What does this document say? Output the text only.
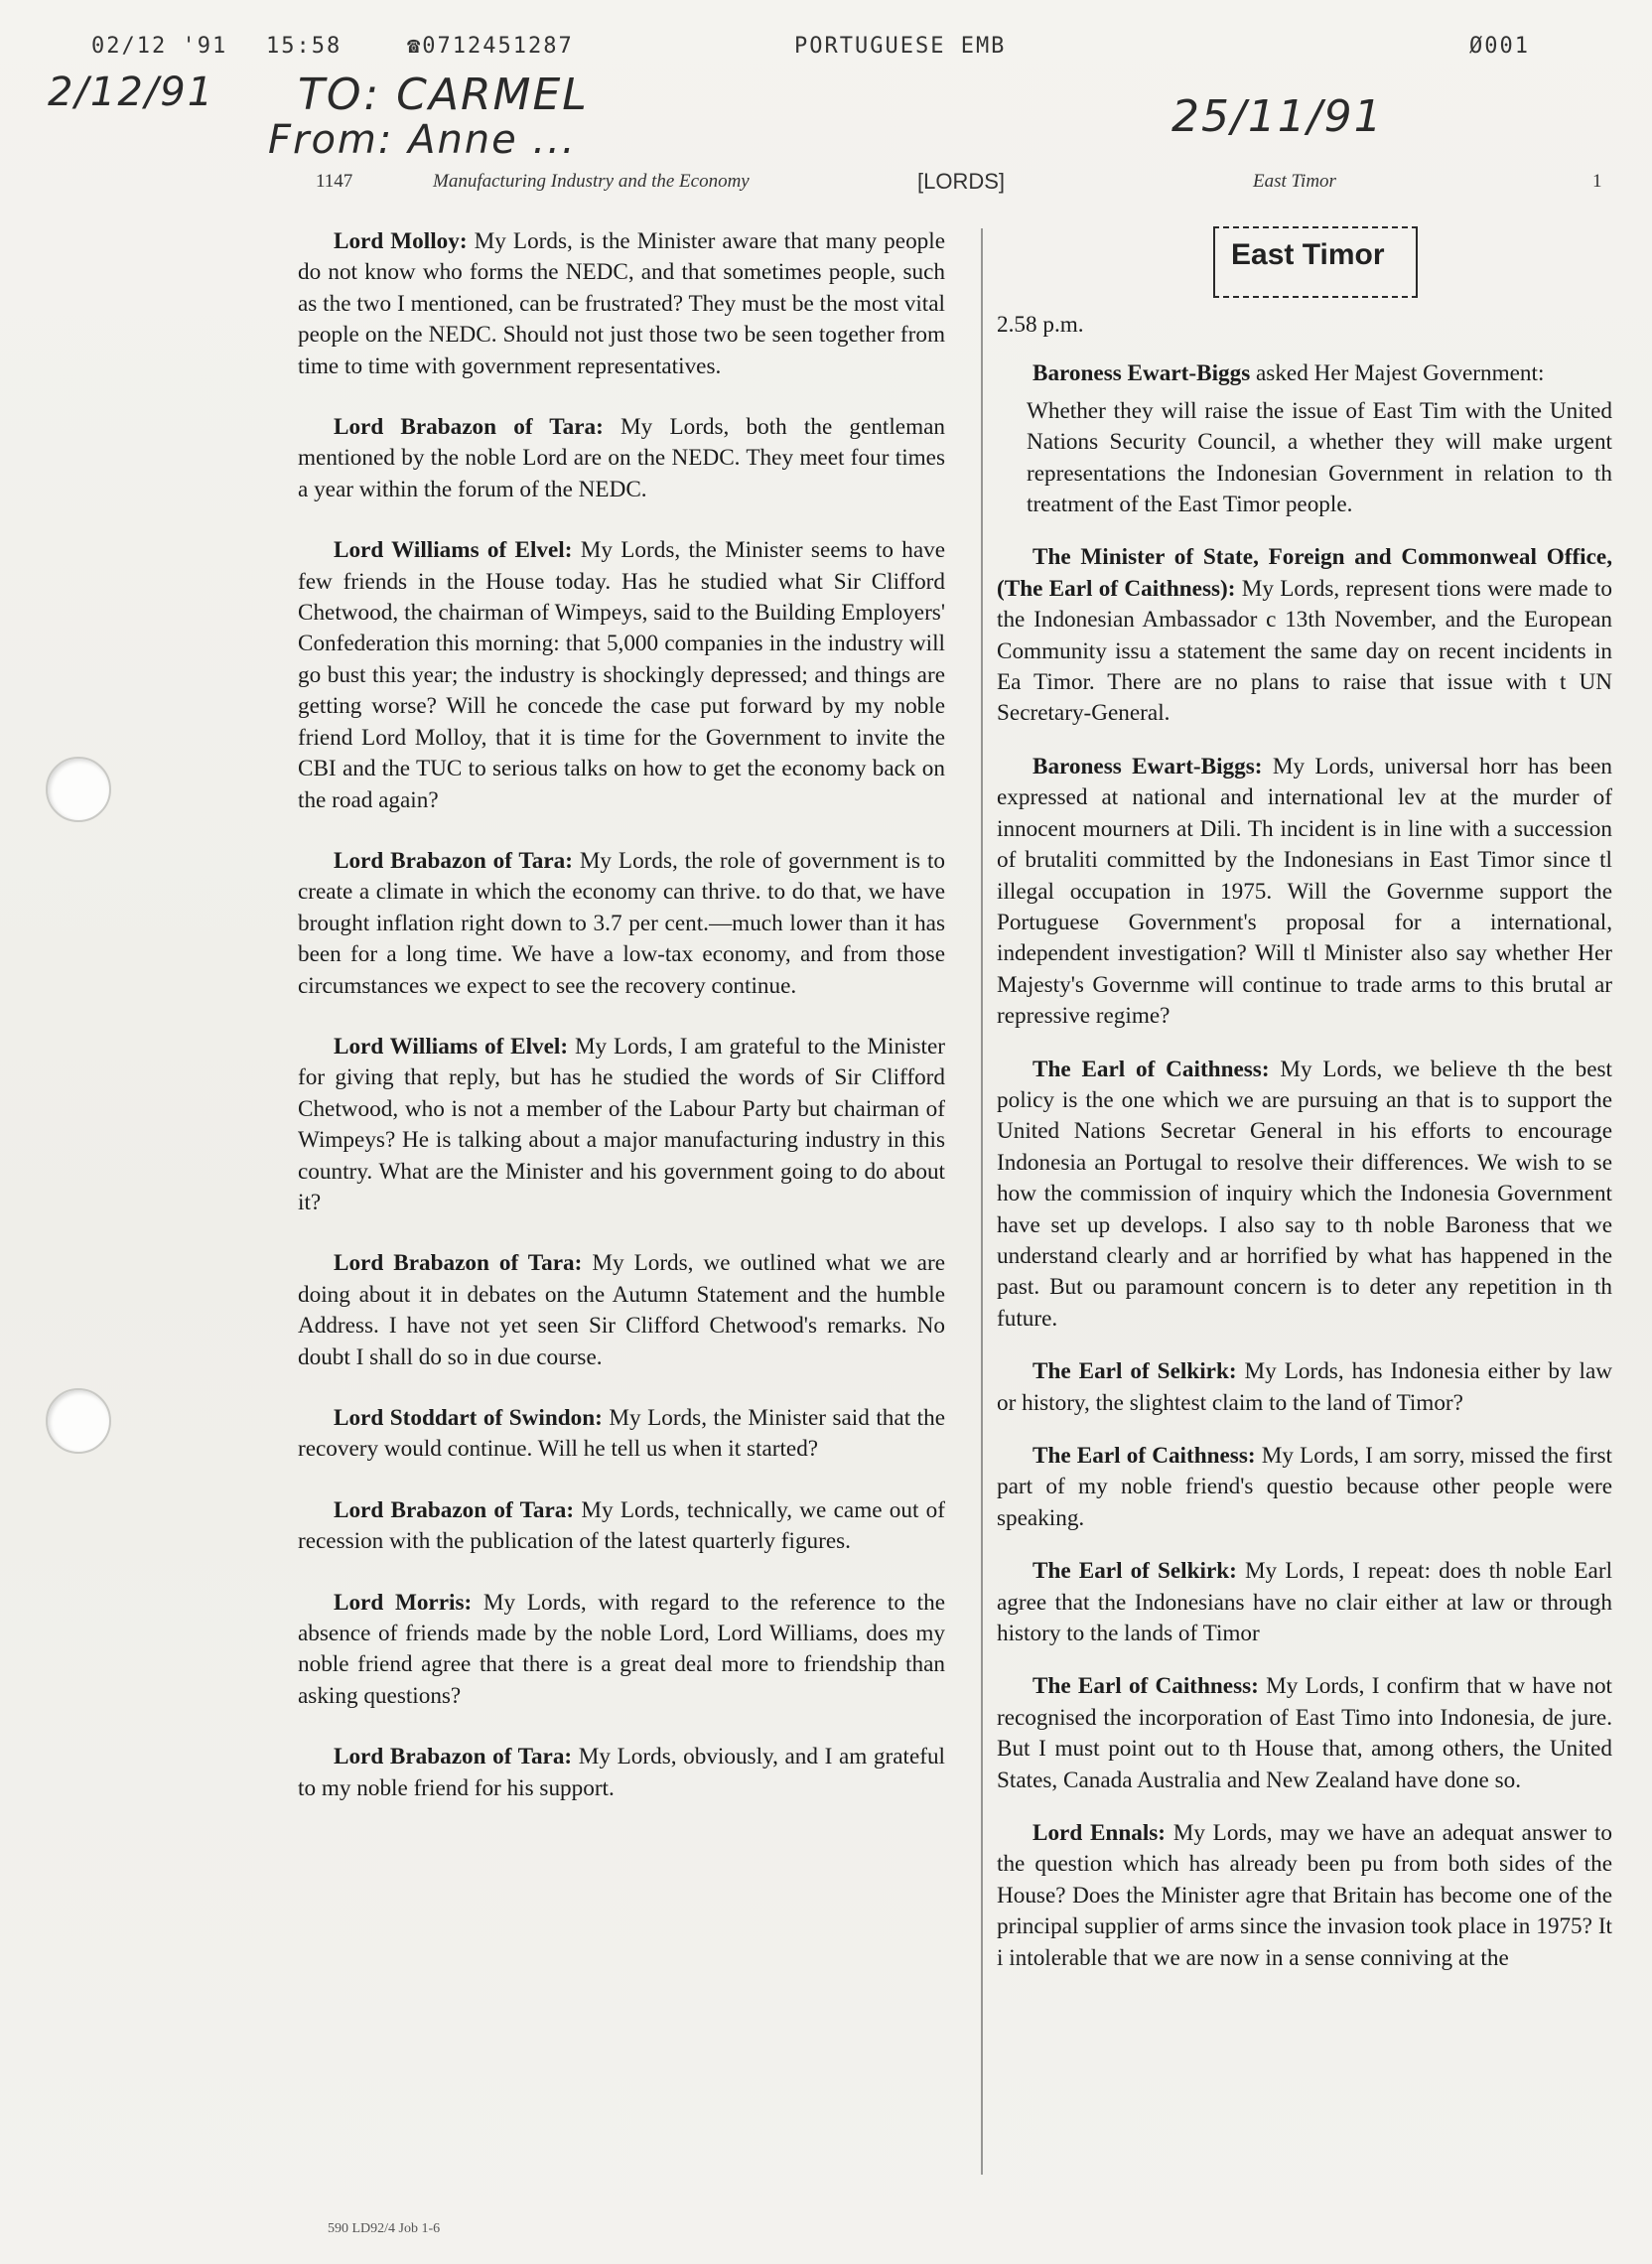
02/12 '91 15:58	☎0712451287	PORTUGUESE EMB	Ø001
2/12/91 TO: CARMEL
From: Anne ...	25/11/91
1147	Manufacturing Industry and the Economy	[LORDS]	East Timor	1

Lord Molloy: My Lords, is the Minister aware that many people do not know who forms the NEDC, and that sometimes people, such as the two I mentioned, can be frustrated? They must be the most vital people on the NEDC. Should not just those two be seen together from time to time with government representatives.

Lord Brabazon of Tara: My Lords, both the gentleman mentioned by the noble Lord are on the NEDC. They meet four times a year within the forum of the NEDC.

Lord Williams of Elvel: My Lords, the Minister seems to have few friends in the House today. Has he studied what Sir Clifford Chetwood, the chairman of Wimpeys, said to the Building Employers' Confederation this morning: that 5,000 companies in the industry will go bust this year; the industry is shockingly depressed; and things are getting worse? Will he concede the case put forward by my noble friend Lord Molloy, that it is time for the Government to invite the CBI and the TUC to serious talks on how to get the economy back on the road again?

Lord Brabazon of Tara: My Lords, the role of government is to create a climate in which the economy can thrive. to do that, we have brought inflation right down to 3.7 per cent.—much lower than it has been for a long time. We have a low-tax economy, and from those circumstances we expect to see the recovery continue.

Lord Williams of Elvel: My Lords, I am grateful to the Minister for giving that reply, but has he studied the words of Sir Clifford Chetwood, who is not a member of the Labour Party but chairman of Wimpeys? He is talking about a major manufacturing industry in this country. What are the Minister and his government going to do about it?

Lord Brabazon of Tara: My Lords, we outlined what we are doing about it in debates on the Autumn Statement and the humble Address. I have not yet seen Sir Clifford Chetwood's remarks. No doubt I shall do so in due course.

Lord Stoddart of Swindon: My Lords, the Minister said that the recovery would continue. Will he tell us when it started?

Lord Brabazon of Tara: My Lords, technically, we came out of recession with the publication of the latest quarterly figures.

Lord Morris: My Lords, with regard to the reference to the absence of friends made by the noble Lord, Lord Williams, does my noble friend agree that there is a great deal more to friendship than asking questions?

Lord Brabazon of Tara: My Lords, obviously, and I am grateful to my noble friend for his support.

East Timor

2.58 p.m.

Baroness Ewart-Biggs asked Her Majest Government:

Whether they will raise the issue of East Tim with the United Nations Security Council, a whether they will make urgent representations the Indonesian Government in relation to th treatment of the East Timor people.

The Minister of State, Foreign and Commonweal Office, (The Earl of Caithness): My Lords, represent tions were made to the Indonesian Ambassador c 13th November, and the European Community issu a statement the same day on recent incidents in Ea Timor. There are no plans to raise that issue with t UN Secretary-General.

Baroness Ewart-Biggs: My Lords, universal horr has been expressed at national and international lev at the murder of innocent mourners at Dili. Th incident is in line with a succession of brutaliti committed by the Indonesians in East Timor since tl illegal occupation in 1975. Will the Governme support the Portuguese Government's proposal for a international, independent investigation? Will tl Minister also say whether Her Majesty's Governme will continue to trade arms to this brutal ar repressive regime?

The Earl of Caithness: My Lords, we believe th the best policy is the one which we are pursuing an that is to support the United Nations Secretar General in his efforts to encourage Indonesia an Portugal to resolve their differences. We wish to se how the commission of inquiry which the Indonesia Government have set up develops. I also say to th noble Baroness that we understand clearly and ar horrified by what has happened in the past. But ou paramount concern is to deter any repetition in th future.

The Earl of Selkirk: My Lords, has Indonesia either by law or history, the slightest claim to the land of Timor?

The Earl of Caithness: My Lords, I am sorry, missed the first part of my noble friend's questio because other people were speaking.

The Earl of Selkirk: My Lords, I repeat: does th noble Earl agree that the Indonesians have no clair either at law or through history to the lands of Timor

The Earl of Caithness: My Lords, I confirm that w have not recognised the incorporation of East Timo into Indonesia, de jure. But I must point out to th House that, among others, the United States, Canada Australia and New Zealand have done so.

Lord Ennals: My Lords, may we have an adequat answer to the question which has already been pu from both sides of the House? Does the Minister agre that Britain has become one of the principal supplier of arms since the invasion took place in 1975? It i intolerable that we are now in a sense conniving at the

590 LD92/4 Job 1-6
